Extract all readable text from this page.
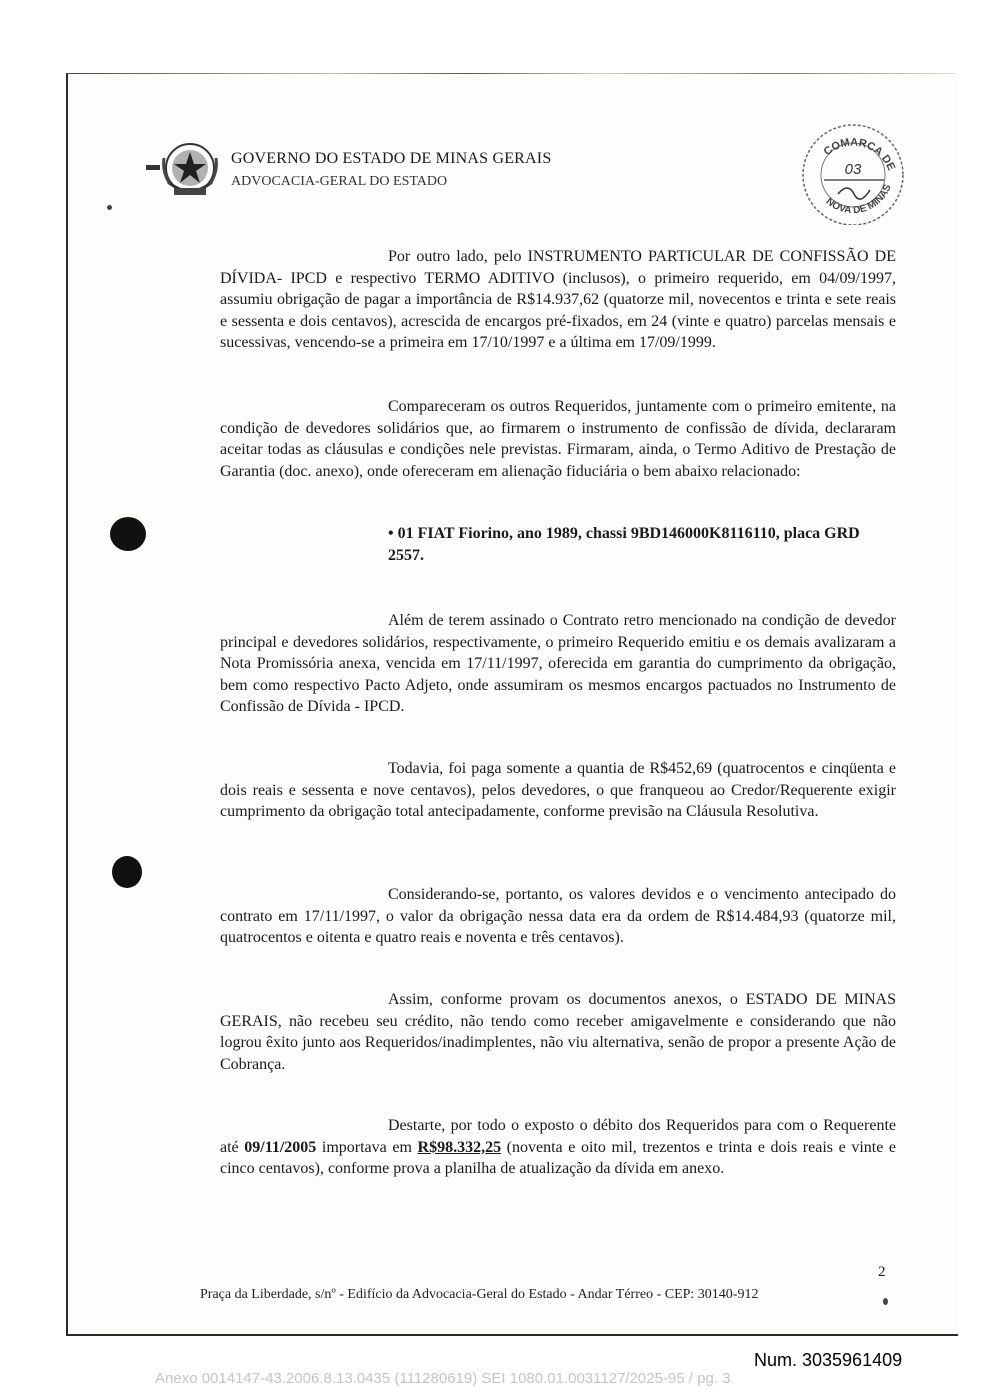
GOVERNO DO ESTADO DE MINAS GERAIS
ADVOCACIA-GERAL DO ESTADO
COMARCA DE
NOVA DE MINAS
03
Por outro lado, pelo INSTRUMENTO PARTICULAR DE CONFISSÃO DE DÍVIDA- IPCD e respectivo TERMO ADITIVO (inclusos), o primeiro requerido, em 04/09/1997, assumiu obrigação de pagar a importância de R$14.937,62 (quatorze mil, novecentos e trinta e sete reais e sessenta e dois centavos), acrescida de encargos pré-fixados, em 24 (vinte e quatro) parcelas mensais e sucessivas, vencendo-se a primeira em 17/10/1997 e a última em 17/09/1999.
Compareceram os outros Requeridos, juntamente com o primeiro emitente, na condição de devedores solidários que, ao firmarem o instrumento de confissão de dívida, declararam aceitar todas as cláusulas e condições nele previstas. Firmaram, ainda, o Termo Aditivo de Prestação de Garantia (doc. anexo), onde ofereceram em alienação fiduciária o bem abaixo relacionado:
• 01 FIAT Fiorino, ano 1989, chassi 9BD146000K8116110, placa GRD 2557.
Além de terem assinado o Contrato retro mencionado na condição de devedor principal e devedores solidários, respectivamente, o primeiro Requerido emitiu e os demais avalizaram a Nota Promissória anexa, vencida em 17/11/1997, oferecida em garantia do cumprimento da obrigação, bem como respectivo Pacto Adjeto, onde assumiram os mesmos encargos pactuados no Instrumento de Confissão de Dívida - IPCD.
Todavia, foi paga somente a quantia de R$452,69 (quatrocentos e cinqüenta e dois reais e sessenta e nove centavos), pelos devedores, o que franqueou ao Credor/Requerente exigir cumprimento da obrigação total antecipadamente, conforme previsão na Cláusula Resolutiva.
Considerando-se, portanto, os valores devidos e o vencimento antecipado do contrato em 17/11/1997, o valor da obrigação nessa data era da ordem de R$14.484,93 (quatorze mil, quatrocentos e oitenta e quatro reais e noventa e três centavos).
Assim, conforme provam os documentos anexos, o ESTADO DE MINAS GERAIS, não recebeu seu crédito, não tendo como receber amigavelmente e considerando que não logrou êxito junto aos Requeridos/inadimplentes, não viu alternativa, senão de propor a presente Ação de Cobrança.
Destarte, por todo o exposto o débito dos Requeridos para com o Requerente até 09/11/2005 importava em R$98.332,25 (noventa e oito mil, trezentos e trinta e dois reais e vinte e cinco centavos), conforme prova a planilha de atualização da dívida em anexo.
2
Praça da Liberdade, s/nº - Edifício da Advocacia-Geral do Estado - Andar Térreo - CEP: 30140-912
Num. 3035961409
Anexo 0014147-43.2006.8.13.0435 (111280619) SEI 1080.01.0031127/2025-95 / pg. 3
